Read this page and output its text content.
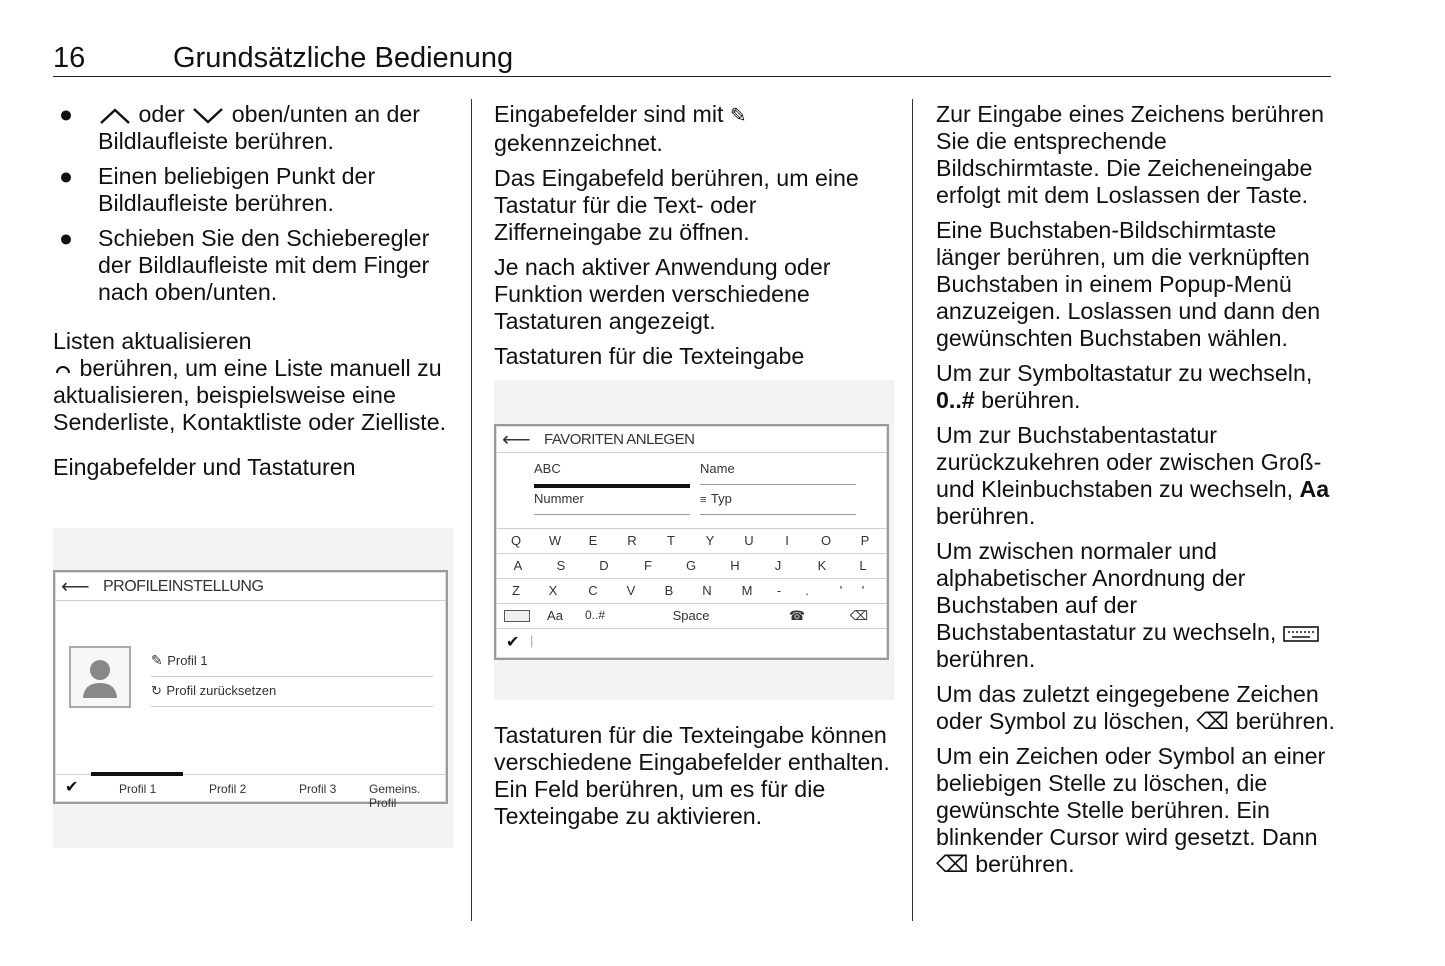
16	Grundsätzliche Bedienung
●	oder oben/unten an der Bildlaufleiste berühren.
● Einen beliebigen Punkt der Bildlaufleiste berühren.
● Schieben Sie den Schieberegler der Bildlaufleiste mit dem Finger nach oben/unten.
Listen aktualisieren

berühren, um eine Liste manuell zu aktualisieren, beispielsweise eine Senderliste, Kontaktliste oder Zielliste.

Eingabefelder und Tastaturen
⟵ PROFILEINSTELLUNG
✎ Profil 1
↻ Profil zurücksetzen
✔	Profil 1	Profil 2	Profil 3	Gemeins. Profil

Eingabefelder sind mit ✎ gekennzeichnet.

Das Eingabefeld berühren, um eine Tastatur für die Text- oder Zifferneingabe zu öffnen.

Je nach aktiver Anwendung oder Funktion werden verschiedene Tastaturen angezeigt.

Tastaturen für die Texteingabe
⟵ FAVORITEN ANLEGEN
ABC	Name
Nummer	≡ Typ
Q	W	E	R	T	Y	U	I	O	P
A	S	D	F	G	H	J	K	L
Z	X	C	V	B	N	M	-	.	'	'
Aa	0..#	Space	☎	⌫
✔ |

Tastaturen für die Texteingabe können verschiedene Eingabefelder enthalten. Ein Feld berühren, um es für die Texteingabe zu aktivieren.

Zur Eingabe eines Zeichens berühren Sie die entsprechende Bildschirmtaste. Die Zeicheneingabe erfolgt mit dem Loslassen der Taste.

Eine Buchstaben-Bildschirmtaste länger berühren, um die verknüpften Buchstaben in einem Popup-Menü anzuzeigen. Loslassen und dann den gewünschten Buchstaben wählen.

Um zur Symboltastatur zu wechseln, 0..# berühren.

Um zur Buchstabentastatur zurückzukehren oder zwischen Groß- und Kleinbuchstaben zu wechseln, Aa berühren.

Um zwischen normaler und alphabetischer Anordnung der Buchstaben auf der Buchstabentastatur zu wechseln,  berühren.

Um das zuletzt eingegebene Zeichen oder Symbol zu löschen, ⌫ berühren.

Um ein Zeichen oder Symbol an einer beliebigen Stelle zu löschen, die gewünschte Stelle berühren. Ein blinkender Cursor wird gesetzt. Dann ⌫ berühren.
